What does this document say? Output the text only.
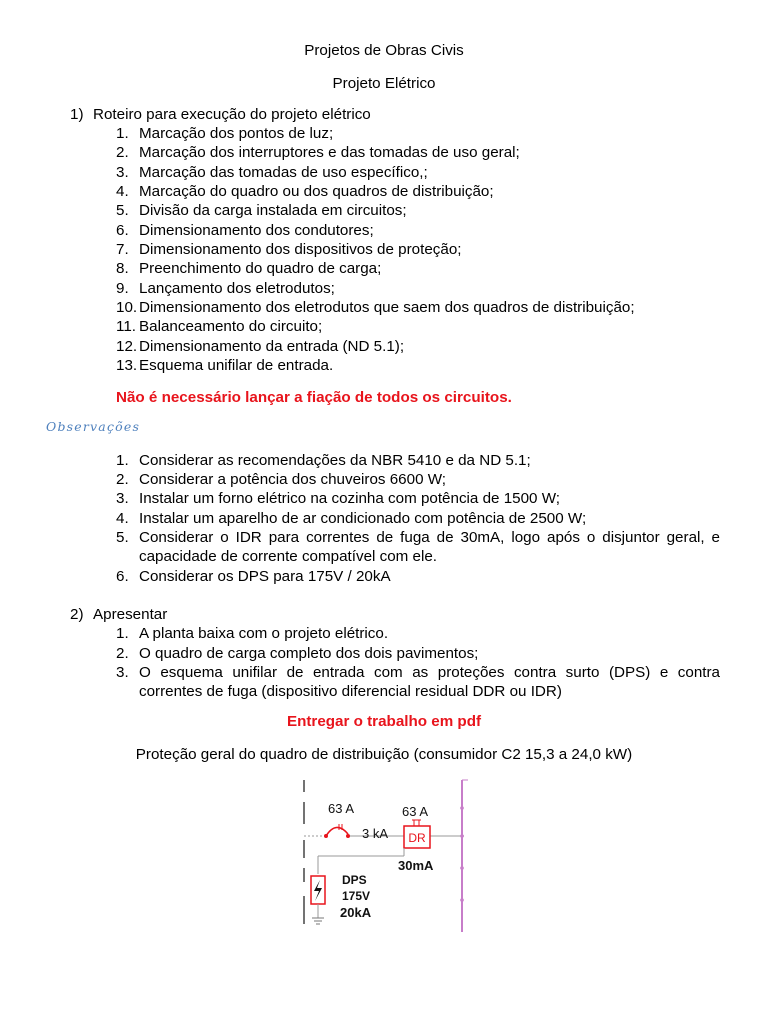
Projetos de Obras Civis
Projeto Elétrico
1) Roteiro para execução do projeto elétrico
1. Marcação dos pontos de luz;
2. Marcação dos interruptores e das tomadas de uso geral;
3. Marcação das tomadas de uso específico,;
4. Marcação do quadro ou dos quadros de distribuição;
5. Divisão da carga instalada em circuitos;
6. Dimensionamento dos condutores;
7. Dimensionamento dos dispositivos de proteção;
8. Preenchimento do quadro de carga;
9. Lançamento dos eletrodutos;
10. Dimensionamento dos eletrodutos que saem dos quadros de distribuição;
11. Balanceamento do circuito;
12. Dimensionamento da entrada (ND 5.1);
13. Esquema unifilar de entrada.
Não é necessário lançar a fiação de todos os circuitos.
Observações
1. Considerar as recomendações da NBR 5410 e da ND 5.1;
2. Considerar a potência dos chuveiros 6600 W;
3. Instalar um forno elétrico na cozinha com potência de 1500 W;
4. Instalar um aparelho de ar condicionado com potência de 2500 W;
5. Considerar o IDR para correntes de fuga de 30mA, logo após o disjuntor geral, e
capacidade de corrente compatível com ele.
6. Considerar os DPS para 175V / 20kA
2) Apresentar
1. A planta baixa com o projeto elétrico.
2. O quadro de carga completo dos dois pavimentos;
3. O esquema unifilar de entrada com as proteções contra surto (DPS) e contra
correntes de fuga (dispositivo diferencial residual DDR ou IDR)
Entregar o trabalho em pdf
Proteção geral do quadro de distribuição (consumidor C2 15,3 a 24,0 kW)
63 A
3 kA
63 A
DR
30mA
DPS
175V
20kA
